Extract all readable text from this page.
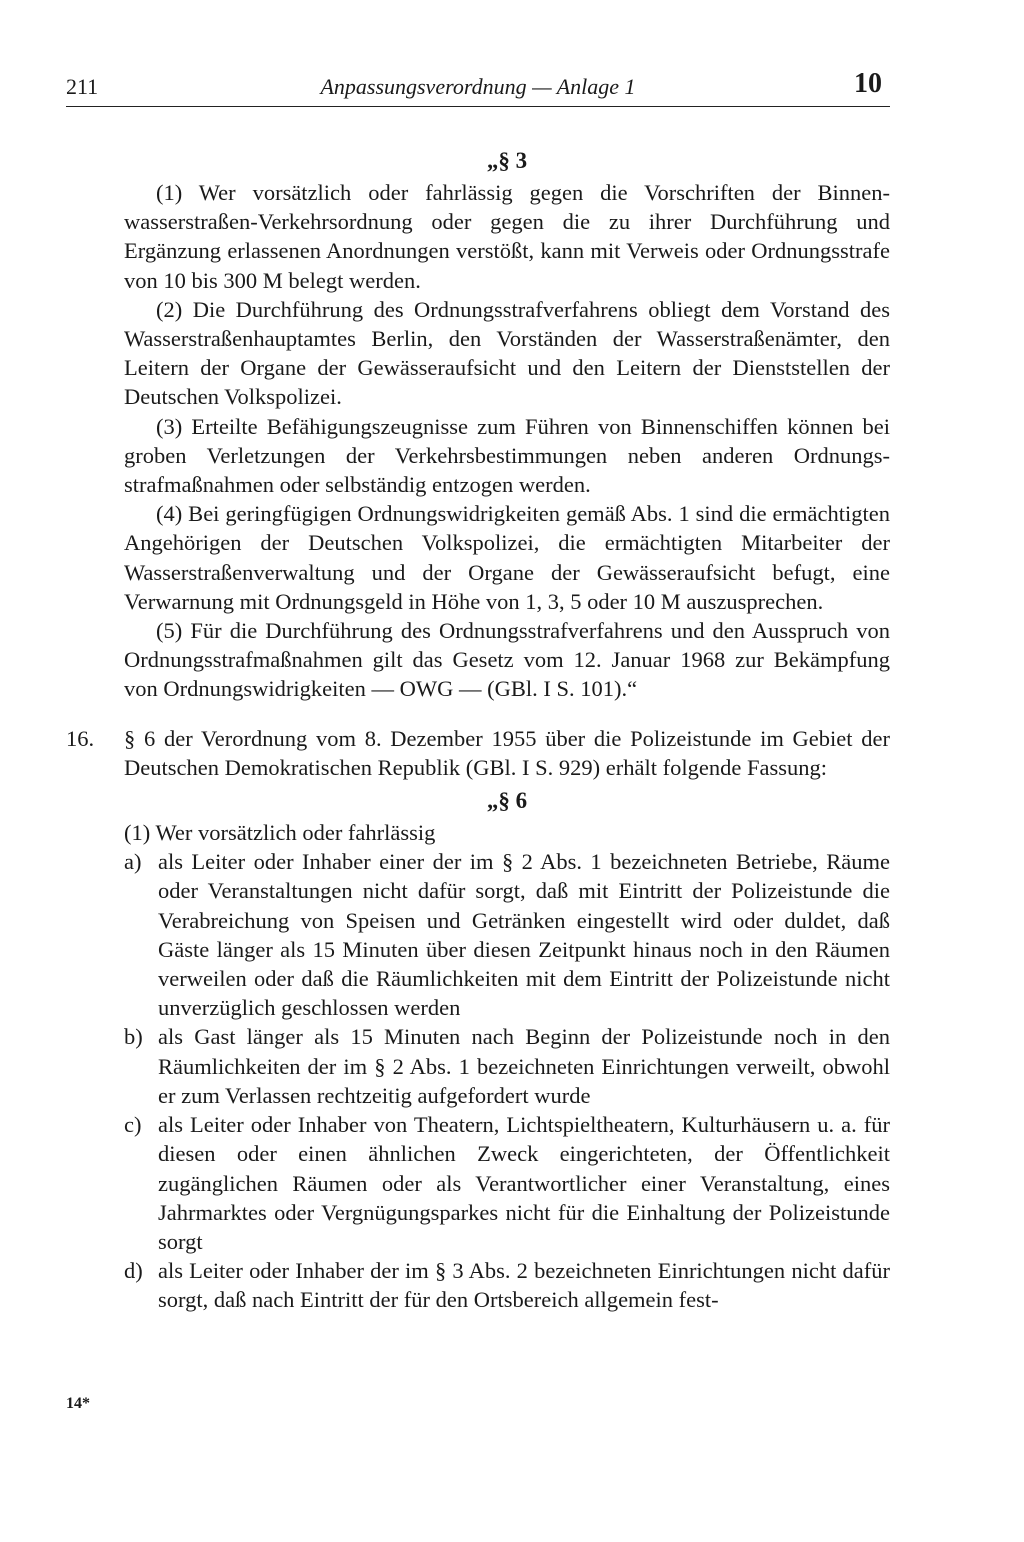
211	Anpassungsverordnung — Anlage 1	10
„§ 3

(1) Wer vorsätzlich oder fahrlässig gegen die Vorschriften der Binnenwasserstraßen-Verkehrsordnung oder gegen die zu ihrer Durchführung und Ergänzung erlassenen Anordnungen verstößt, kann mit Verweis oder Ordnungsstrafe von 10 bis 300 M belegt werden.

(2) Die Durchführung des Ordnungsstrafverfahrens obliegt dem Vorstand des Wasserstraßenhauptamtes Berlin, den Vorständen der Wasserstraßenämter, den Leitern der Organe der Gewässeraufsicht und den Leitern der Dienststellen der Deutschen Volkspolizei.

(3) Erteilte Befähigungszeugnisse zum Führen von Binnenschiffen können bei groben Verletzungen der Verkehrsbestimmungen neben anderen Ordnungsstrafmaßnahmen oder selbständig entzogen werden.

(4) Bei geringfügigen Ordnungswidrigkeiten gemäß Abs. 1 sind die ermächtigten Angehörigen der Deutschen Volkspolizei, die ermächtigten Mitarbeiter der Wasserstraßenverwaltung und der Organe der Gewässeraufsicht befugt, eine Verwarnung mit Ordnungsgeld in Höhe von 1, 3, 5 oder 10 M auszusprechen.

(5) Für die Durchführung des Ordnungsstrafverfahrens und den Ausspruch von Ordnungsstrafmaßnahmen gilt das Gesetz vom 12. Januar 1968 zur Bekämpfung von Ordnungswidrigkeiten — OWG — (GBl. I S. 101).“

16. § 6 der Verordnung vom 8. Dezember 1955 über die Polizeistunde im Gebiet der Deutschen Demokratischen Republik (GBl. I S. 929) erhält folgende Fassung:

„§ 6

(1) Wer vorsätzlich oder fahrlässig

a) als Leiter oder Inhaber einer der im § 2 Abs. 1 bezeichneten Betriebe, Räume oder Veranstaltungen nicht dafür sorgt, daß mit Eintritt der Polizeistunde die Verabreichung von Speisen und Getränken eingestellt wird oder duldet, daß Gäste länger als 15 Minuten über diesen Zeitpunkt hinaus noch in den Räumen verweilen oder daß die Räumlichkeiten mit dem Eintritt der Polizeistunde nicht unverzüglich geschlossen werden
b) als Gast länger als 15 Minuten nach Beginn der Polizeistunde noch in den Räumlichkeiten der im § 2 Abs. 1 bezeichneten Einrichtungen verweilt, obwohl er zum Verlassen rechtzeitig aufgefordert wurde
c) als Leiter oder Inhaber von Theatern, Lichtspieltheatern, Kulturhäusern u. a. für diesen oder einen ähnlichen Zweck eingerichteten, der Öffentlichkeit zugänglichen Räumen oder als Verantwortlicher einer Veranstaltung, eines Jahrmarktes oder Vergnügungsparkes nicht für die Einhaltung der Polizeistunde sorgt
d) als Leiter oder Inhaber der im § 3 Abs. 2 bezeichneten Einrichtungen nicht dafür sorgt, daß nach Eintritt der für den Ortsbereich allgemein fest-
14*
